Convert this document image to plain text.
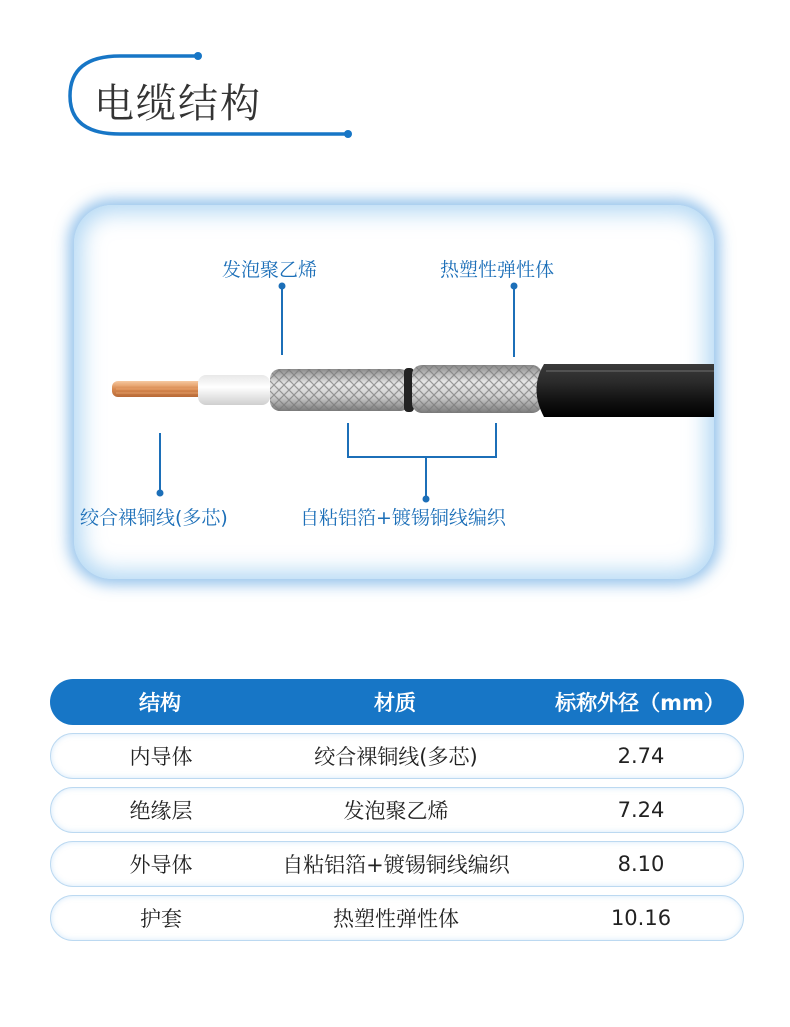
电缆结构
发泡聚乙烯	热塑性弹性体
绞合裸铜线(多芯)	自粘铝箔+镀锡铜线编织
结构	材质	标称外径（mm）
内导体	绞合裸铜线(多芯)	2.74
绝缘层	发泡聚乙烯	7.24
外导体	自粘铝箔+镀锡铜线编织	8.10
护套	热塑性弹性体	10.16
